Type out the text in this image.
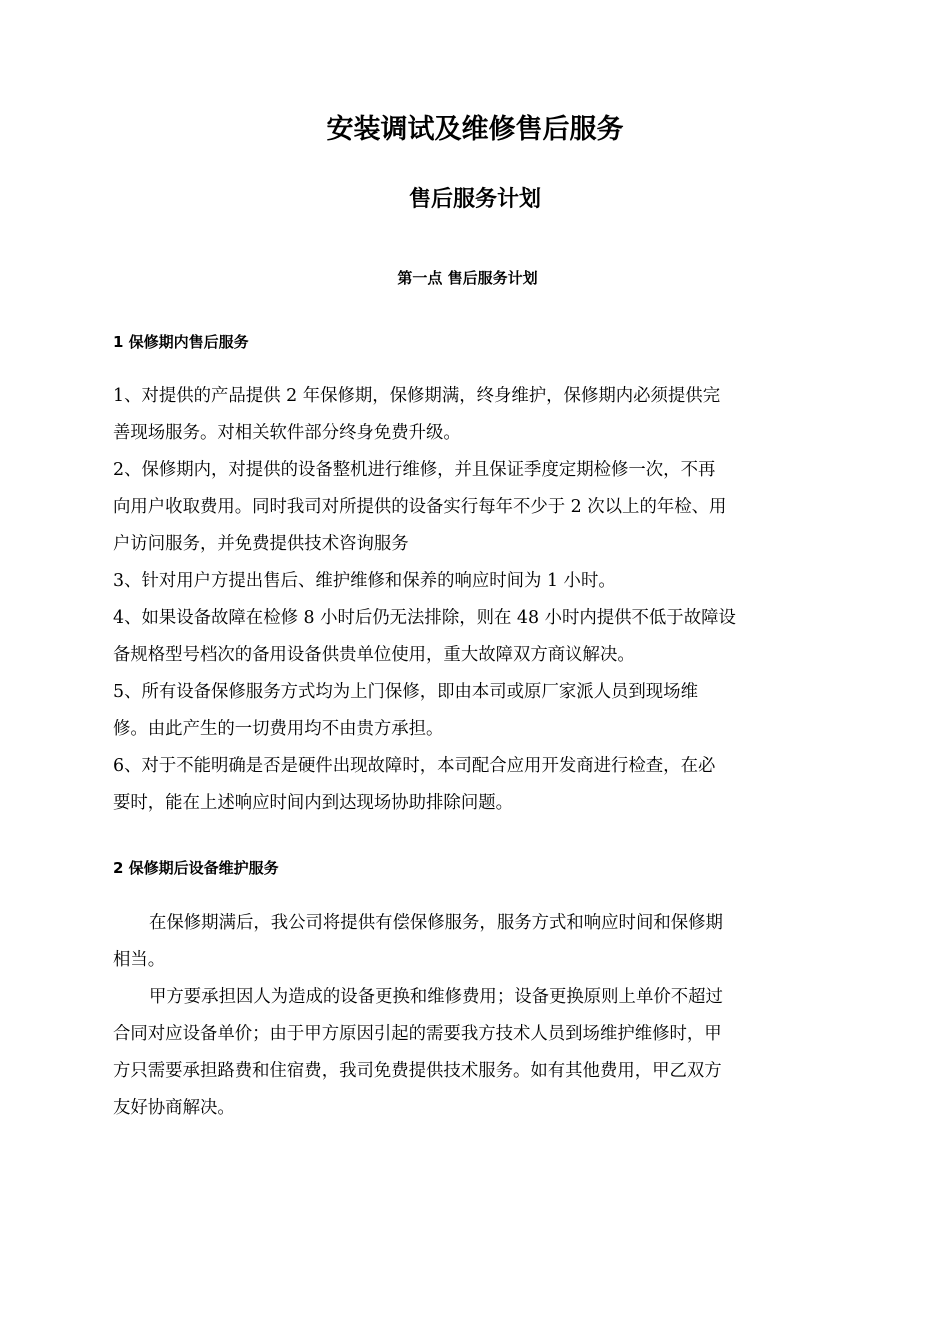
安装调试及维修售后服务
售后服务计划
第一点 售后服务计划
1 保修期内售后服务

1、对提供的产品提供 2 年保修期，保修期满，终身维护，保修期内必须提供完

善现场服务。对相关软件部分终身免费升级。

2、保修期内，对提供的设备整机进行维修，并且保证季度定期检修一次，不再

向用户收取费用。同时我司对所提供的设备实行每年不少于 2 次以上的年检、用

户访问服务，并免费提供技术咨询服务

3、针对用户方提出售后、维护维修和保养的响应时间为 1 小时。

4、如果设备故障在检修 8 小时后仍无法排除，则在 48 小时内提供不低于故障设

备规格型号档次的备用设备供贵单位使用，重大故障双方商议解决。

5、所有设备保修服务方式均为上门保修，即由本司或原厂家派人员到现场维

修。由此产生的一切费用均不由贵方承担。

6、对于不能明确是否是硬件出现故障时，本司配合应用开发商进行检查，在必

要时，能在上述响应时间内到达现场协助排除问题。

2 保修期后设备维护服务

在保修期满后，我公司将提供有偿保修服务，服务方式和响应时间和保修期

相当。

甲方要承担因人为造成的设备更换和维修费用；设备更换原则上单价不超过

合同对应设备单价；由于甲方原因引起的需要我方技术人员到场维护维修时，甲

方只需要承担路费和住宿费，我司免费提供技术服务。如有其他费用，甲乙双方

友好协商解决。
